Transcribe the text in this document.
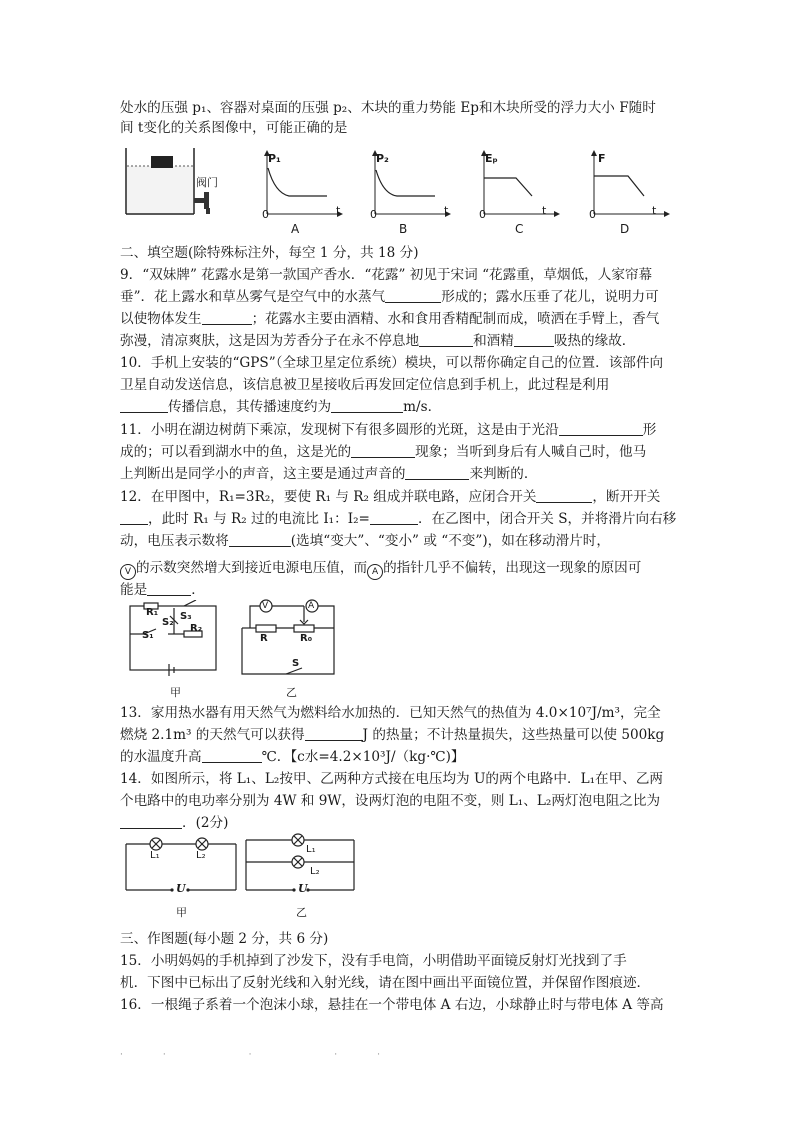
处水的压强 p₁、容器对桌面的压强 p₂、木块的重力势能 Ep和木块所受的浮力大小 F随时
间 t变化的关系图像中，可能正确的是
阀门
P₁
t
0
A
P₂
t
0
B
Eₚ
t
0
C
F
t
0
D
二、填空题(除特殊标注外，每空 1 分，共 18 分)
9．“双妹牌” 花露水是第一款国产香水．“花露” 初见于宋词 “花露重，草烟低，人家帘幕
垂”．花上露水和草丛雾气是空气中的水蒸气	形成的；露水压垂了花儿，说明力可
以使物体发生	；花露水主要由酒精、水和食用香精配制而成，喷洒在手臂上，香气
弥漫，清凉爽肤，这是因为芳香分子在永不停息地	和酒精	吸热的缘故．
10．手机上安装的“GPS”（全球卫星定位系统）模块，可以帮你确定自己的位置．该部件向
卫星自动发送信息，该信息被卫星接收后再发回定位信息到手机上，此过程是利用
传播信息，其传播速度约为	m/s．
11．小明在湖边树荫下乘凉，发现树下有很多圆形的光斑，这是由于光沿	形
成的；可以看到湖水中的鱼，这是光的	现象；当听到身后有人喊自己时，他马
上判断出是同学小的声音，这主要是通过声音的	来判断的．
12．在甲图中，R₁=3R₂，要使 R₁ 与 R₂ 组成并联电路，应闭合开关	，断开开关
，此时 R₁ 与 R₂ 过的电流比 I₁：I₂=	．在乙图中，闭合开关 S，并将滑片向右移
动，电压表示数将	(选填“变大”、“变小” 或 “不变”)，如在移动滑片时，
V 的示数突然增大到接近电源电压值，而 A 的指针几乎不偏转，出现这一现象的原因可
能是	．
R₁ S₃
S₂
R₂
S₁
甲
V	A
R	R₀
S
乙
13．家用热水器有用天然气为燃料给水加热的．已知天然气的热值为 4.0×10⁷J/m³，完全
燃烧 2.1m³ 的天然气可以获得	J 的热量；不计热量损失，这些热量可以使 500kg
的水温度升高	℃．【c水=4.2×10³J/（kg·℃)】
14．如图所示，将 L₁、L₂按甲、乙两种方式接在电压均为 U的两个电路中．L₁在甲、乙两
个电路中的电功率分别为 4W 和 9W，设两灯泡的电阻不变，则 L₁、L₂两灯泡电阻之比为
．(2分)
L₁	L₂
U
甲
L₁
L₂
U
乙
三、作图题(每小题 2 分，共 6 分)
15．小明妈妈的手机掉到了沙发下，没有手电筒，小明借助平面镜反射灯光找到了手
机．下图中已标出了反射光线和入射光线，请在图中画出平面镜位置，并保留作图痕迹．
16．一根绳子系着一个泡沫小球，悬挂在一个带电体 A 右边，小球静止时与带电体 A 等高
·· · ··
